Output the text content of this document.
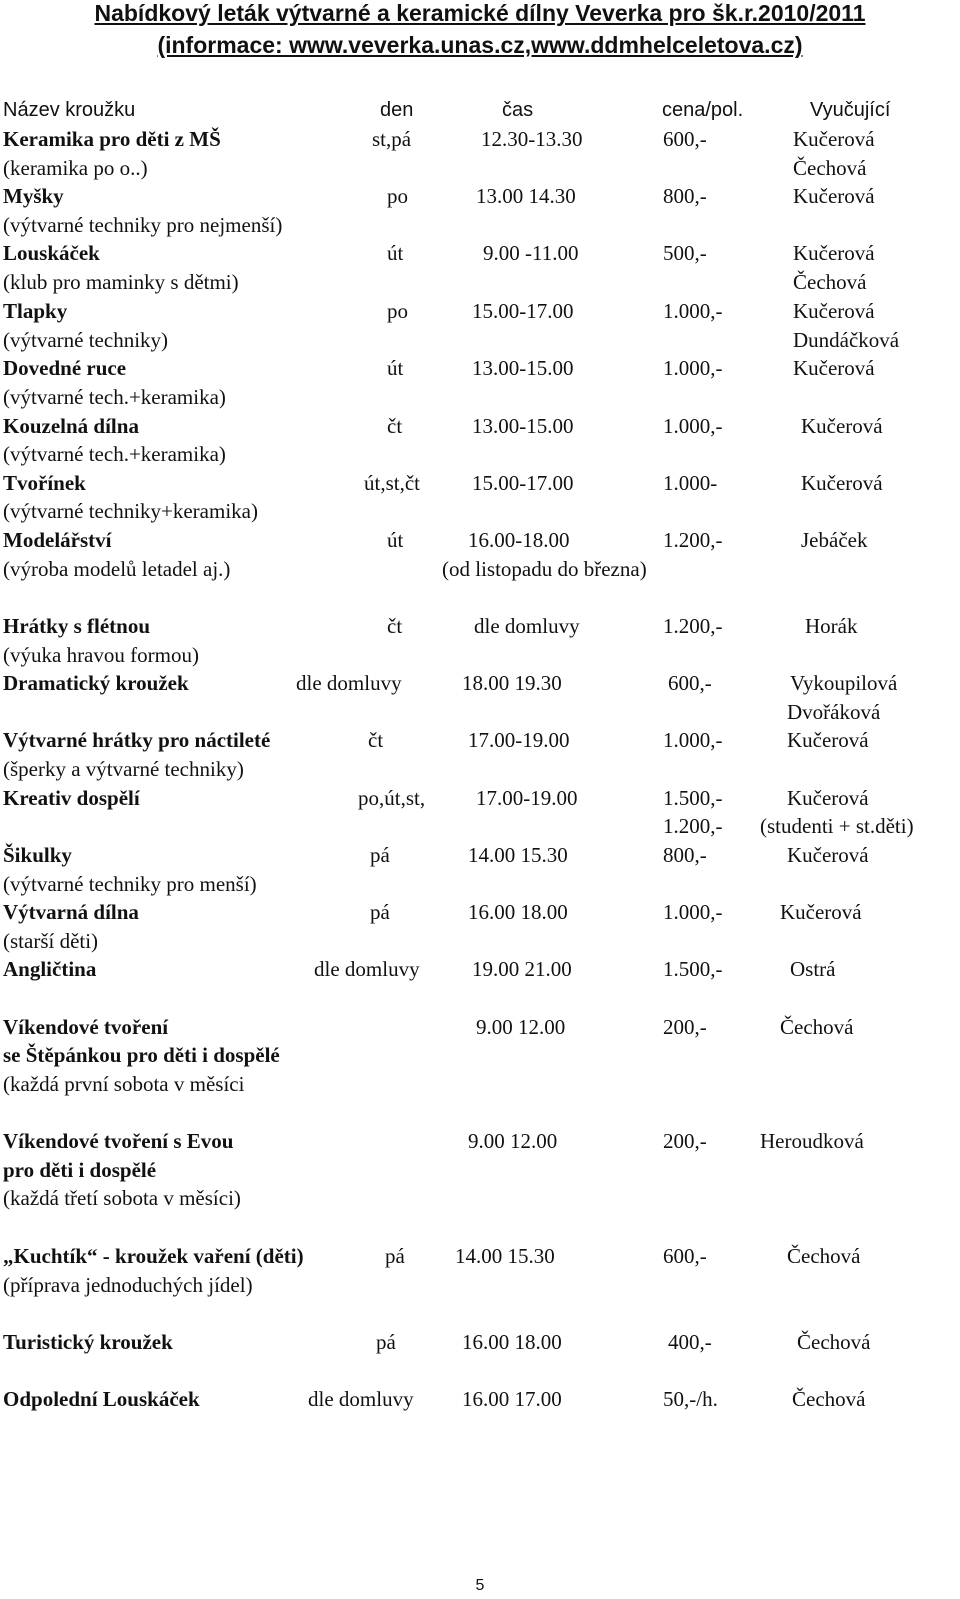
Nabídkový leták výtvarné a keramické dílny Veverka pro šk.r.2010/2011
(informace: www.veverka.unas.cz,www.ddmhelceletova.cz)
Název kroužku	den	čas	cena/pol.	Vyučující
Keramika pro děti z MŠ	st,pá	12.30-13.30	600,-	Kučerová
(keramika po o..)	Čechová
Myšky	po	13.00 14.30	800,-	Kučerová
(výtvarné techniky pro nejmenší)
Louskáček	út	9.00 -11.00	500,-	Kučerová
(klub pro maminky s dětmi)	Čechová
Tlapky	po	15.00-17.00	1.000,-	Kučerová
(výtvarné techniky)	Dundáčková
Dovedné ruce	út	13.00-15.00	1.000,-	Kučerová
(výtvarné tech.+keramika)
Kouzelná dílna	čt	13.00-15.00	1.000,-	Kučerová
(výtvarné tech.+keramika)
Tvořínek	út,st,čt 15.00-17.00	1.000-	Kučerová
(výtvarné techniky+keramika)
Modelářství	út	16.00-18.00	1.200,-	Jebáček
(výroba modelů letadel aj.)	(od listopadu do března)
Hrátky s flétnou	čt	dle domluvy	1.200,-	Horák
(výuka hravou formou)
Dramatický kroužek	dle domluvy	18.00 19.30	600,-	Vykoupilová
Dvořáková
Výtvarné hrátky pro náctileté	čt	17.00-19.00	1.000,-	Kučerová
(šperky a výtvarné techniky)
Kreativ dospělí	po,út,st, 17.00-19.00	1.500,-	Kučerová
1.200,- (studenti + st.děti)
Šikulky	pá	14.00 15.30	800,-	Kučerová
(výtvarné techniky pro menší)
Výtvarná dílna	pá	16.00 18.00	1.000,-	Kučerová
(starší děti)
Angličtina	dle domluvy 19.00 21.00	1.500,-	Ostrá
Víkendové tvoření	9.00 12.00	200,-	Čechová
se Štěpánkou pro děti i dospělé
(každá první sobota v měsíci
Víkendové tvoření s Evou	9.00 12.00	200,-	Heroudková
pro děti i dospělé
(každá třetí sobota v měsíci)
„Kuchtík“ - kroužek vaření (děti)	pá 14.00 15.30	600,-	Čechová
(příprava jednoduchých jídel)
Turistický kroužek	pá	16.00 18.00	400,-	Čechová
Odpolední Louskáček	dle domluvy 16.00 17.00	50,-/h.	Čechová
5
